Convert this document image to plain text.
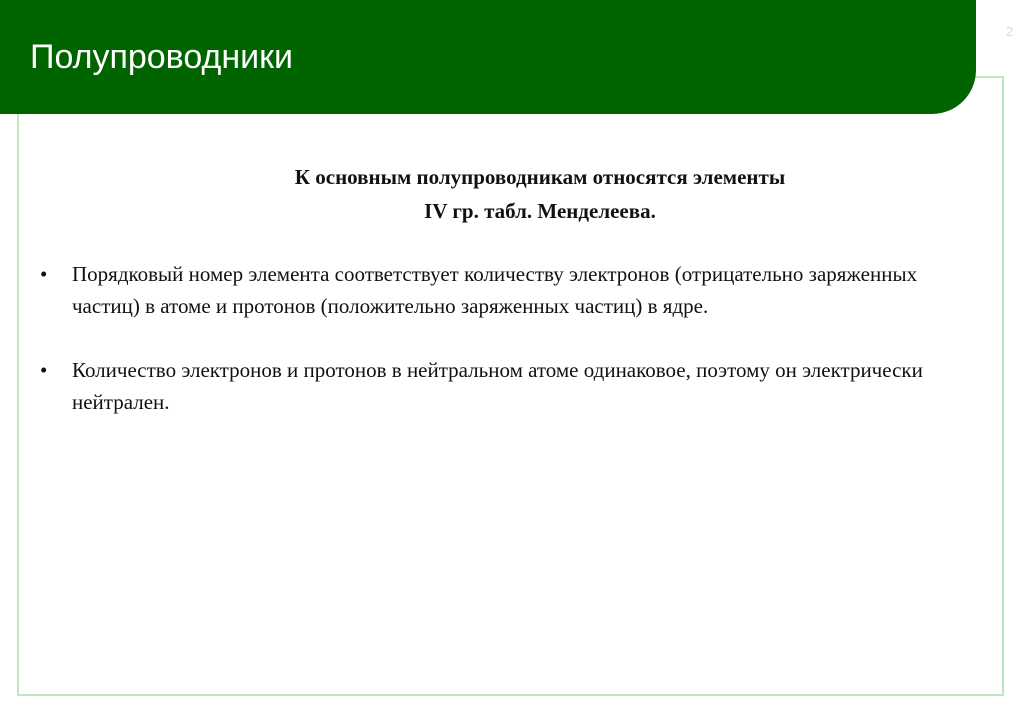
Полупроводники
2
К основным полупроводникам относятся элементы
IV гр. табл. Менделеева.
• Порядковый номер элемента соответствует количеству электронов (отрицательно заряженных частиц) в атоме и протонов (положительно заряженных частиц) в ядре.
• Количество электронов и протонов в нейтральном атоме одинаковое, поэтому он электрически нейтрален.
